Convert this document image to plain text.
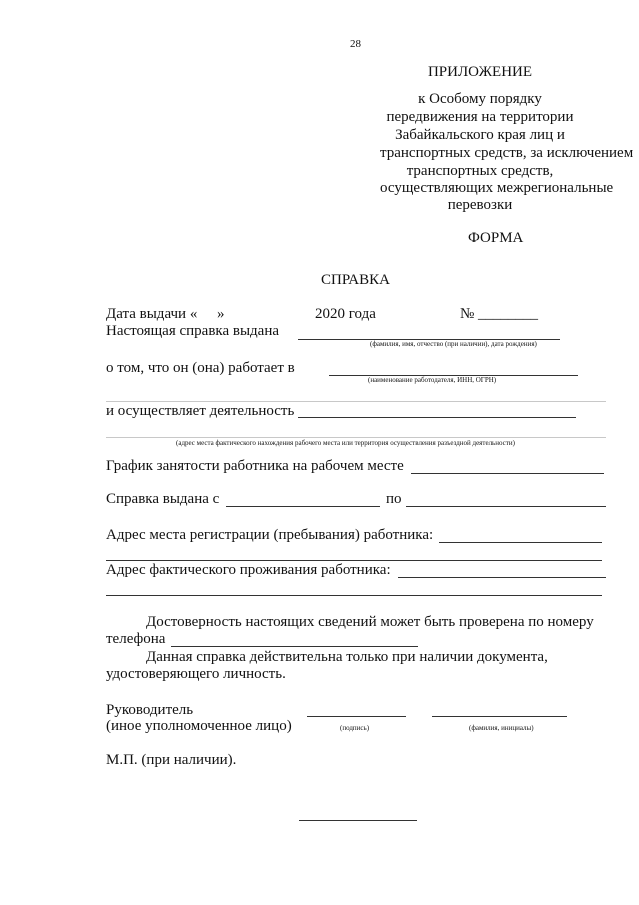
28
ПРИЛОЖЕНИЕ
к Особому порядку
передвижения на территории
Забайкальского края лиц и
транспортных средств, за исключением
транспортных средств,
осуществляющих межрегиональные
перевозки
ФОРМА
СПРАВКА
Дата выдачи « »	2020 года	№ ________
Настоящая справка выдана
(фамилия, имя, отчество (при наличии), дата рождения)
о том, что он (она) работает в
(наименование работодателя, ИНН, ОГРН)
и осуществляет деятельность
(адрес места фактического нахождения рабочего места или территория осуществления разъездной деятельности)
График занятости работника на рабочем месте
Справка выдана с	по
Адрес места регистрации (пребывания) работника:
Адрес фактического проживания работника:
Достоверность настоящих сведений может быть проверена по номеру
телефона
Данная справка действительна только при наличии документа,
удостоверяющего личность.
Руководитель
(иное уполномоченное лицо)	(подпись)	(фамилия, инициалы)
М.П. (при наличии).
